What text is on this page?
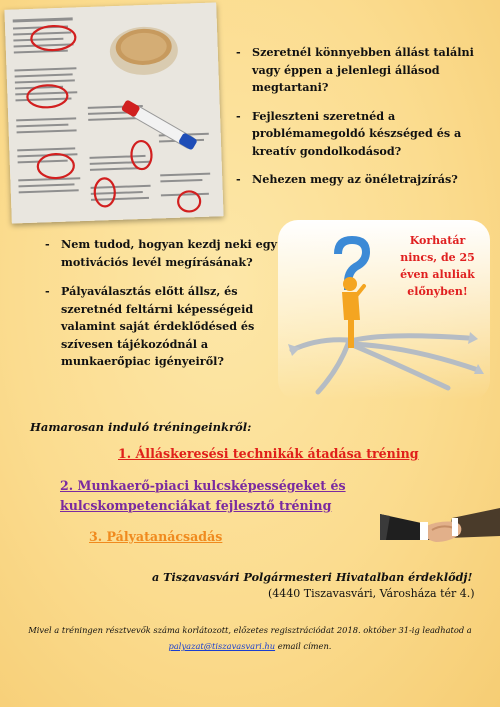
- Szeretnél könnyebben állást találni vagy éppen a jelenlegi állásod megtartani?
- Fejleszteni szeretnéd a problémamegoldó készséged és a kreatív gondolkodásod?
- Nehezen megy az önéletrajzírás?
- Nem tudod, hogyan kezdj neki egy motivációs levél megírásának?
- Pályaválasztás előtt állsz, és szeretnéd feltárni képességeid valamint saját érdeklődésed és szívesen tájékozódnál a munkaerőpiac igényeiről?
Korhatár nincs, de 25 éven aluliak előnyben!
Hamarosan induló tréningeinkről:
1. Álláskeresési technikák átadása tréning
2. Munkaerő-piaci kulcsképességeket és kulcskompetenciákat fejlesztő tréning
3. Pályatanácsadás
a Tiszavasvári Polgármesteri Hivatalban érdeklődj!
(4440 Tiszavasvári, Városháza tér 4.)
Mivel a tréningen résztvevők száma korlátozott, előzetes regisztrációdat 2018. október 31-ig leadhatod a palyazat@tiszavasvari.hu email címen.
